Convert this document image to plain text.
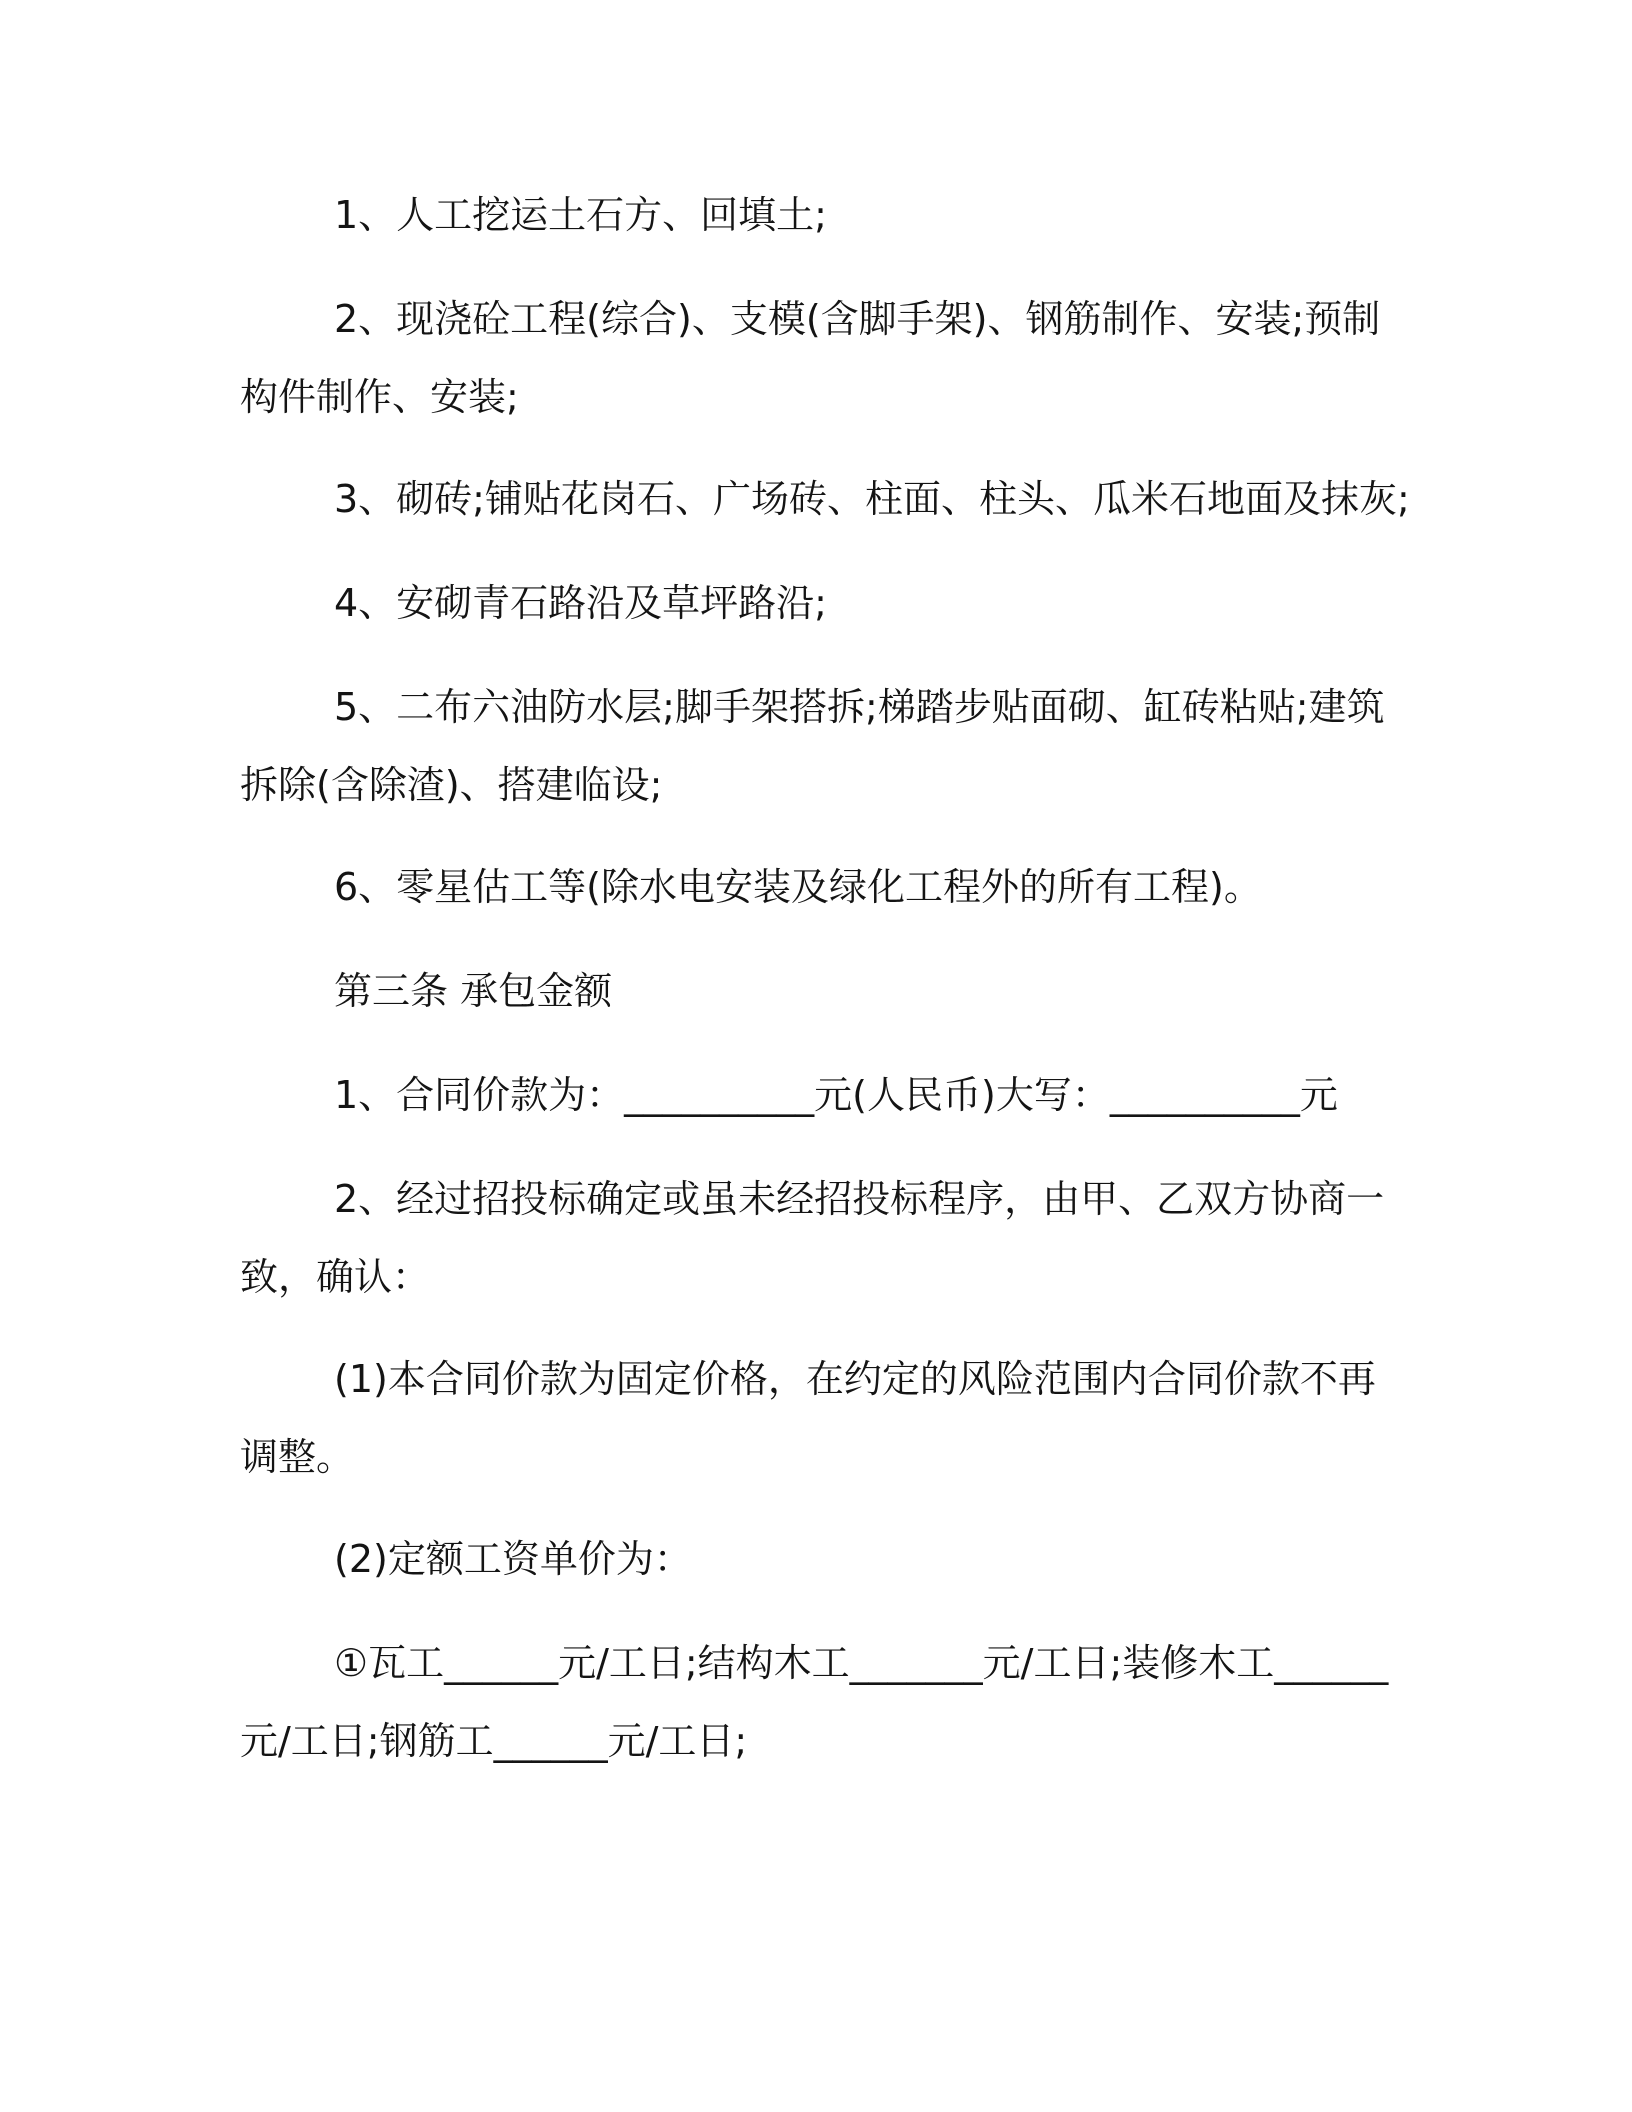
1、人工挖运土石方、回填土;

2、现浇砼工程(综合)、支模(含脚手架)、钢筋制作、安装;预制
构件制作、安装;

3、砌砖;铺贴花岗石、广场砖、柱面、柱头、瓜米石地面及抹灰;

4、安砌青石路沿及草坪路沿;

5、二布六油防水层;脚手架搭拆;梯踏步贴面砌、缸砖粘贴;建筑
拆除(含除渣)、搭建临设;

6、零星估工等(除水电安装及绿化工程外的所有工程)。

第三条 承包金额

1、合同价款为：__________元(人民币)大写：__________元

2、经过招投标确定或虽未经招投标程序，由甲、乙双方协商一
致，确认：

(1)本合同价款为固定价格，在约定的风险范围内合同价款不再
调整。

(2)定额工资单价为：

①瓦工______元/工日;结构木工_______元/工日;装修木工______
元/工日;钢筋工______元/工日;
